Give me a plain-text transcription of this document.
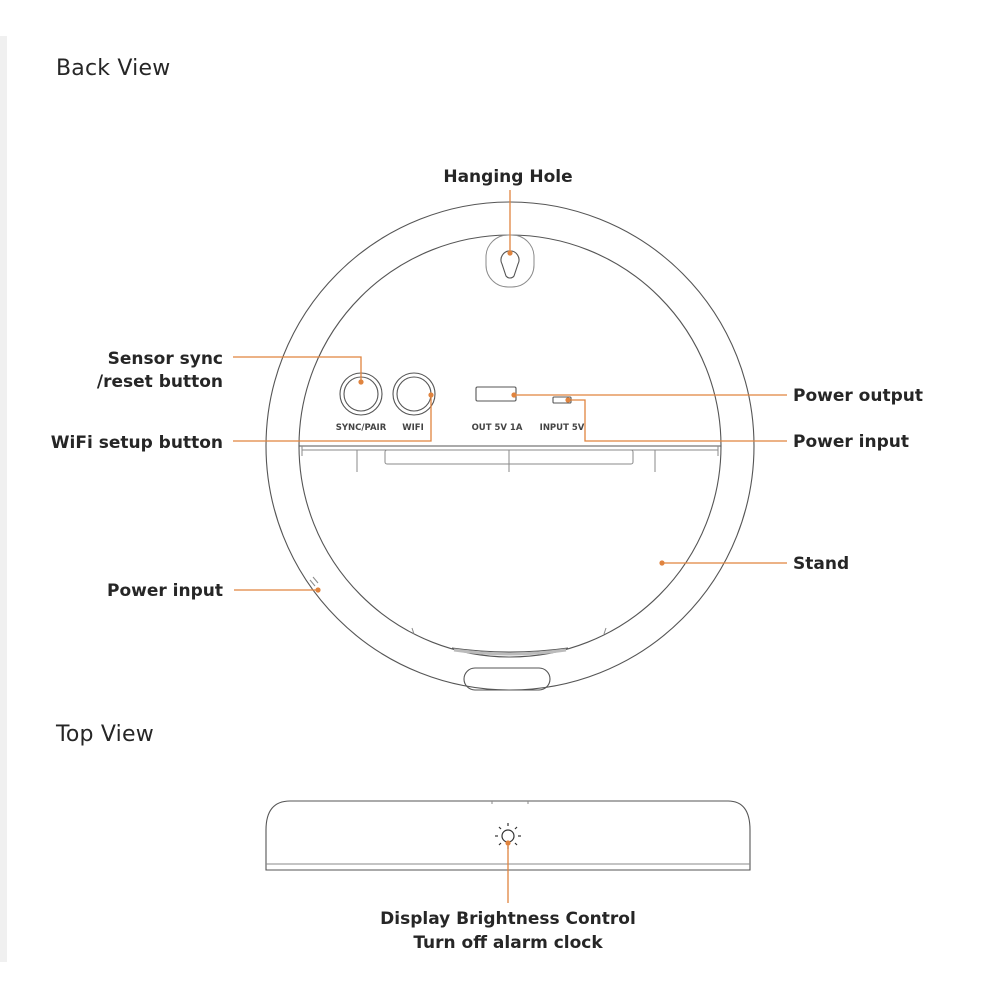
Back View
Top View
SYNC/PAIR WIFI	OUT 5V 1A INPUT 5V
Hanging Hole
Sensor sync
/reset button
WiFi setup button
Power output
Power input
Stand
Power input
Display Brightness Control
Turn off alarm clock
